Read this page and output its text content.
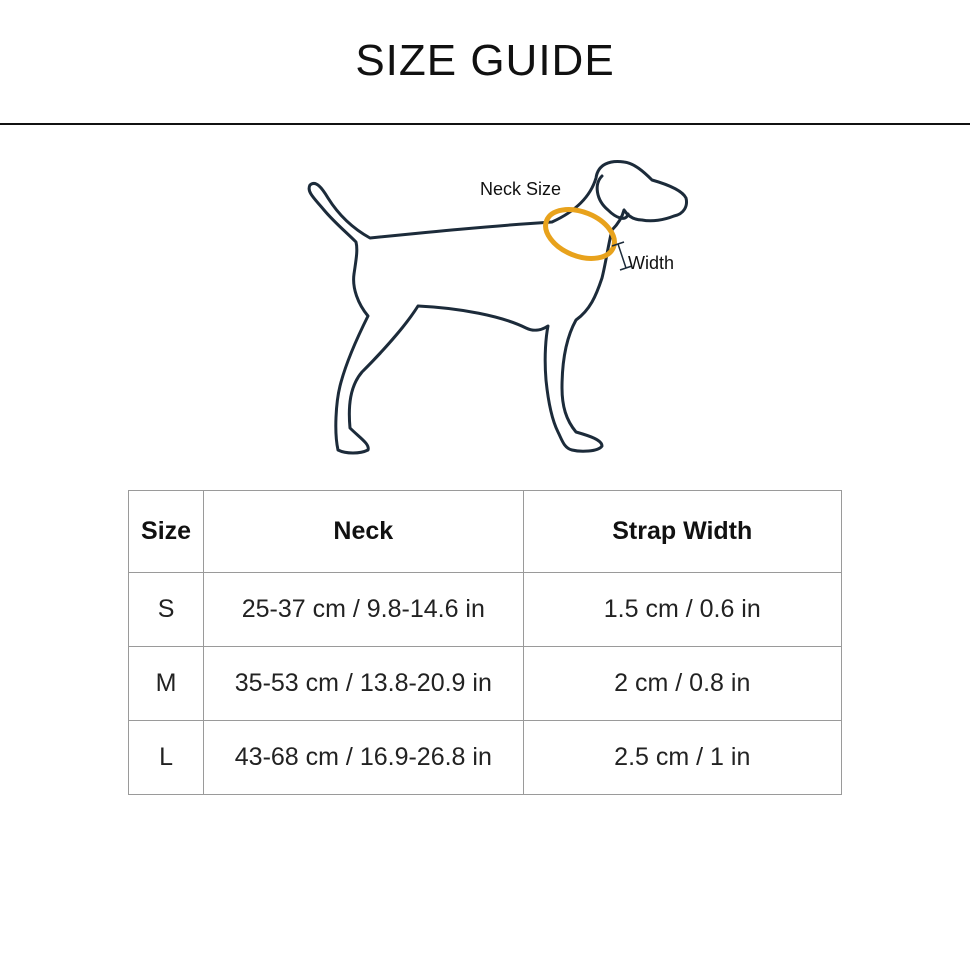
SIZE GUIDE
Neck Size
Width
Size	Neck	Strap Width
S	25-37 cm / 9.8-14.6 in	1.5 cm / 0.6 in
M	35-53 cm / 13.8-20.9 in	2 cm / 0.8 in
L	43-68 cm / 16.9-26.8 in	2.5 cm / 1 in
